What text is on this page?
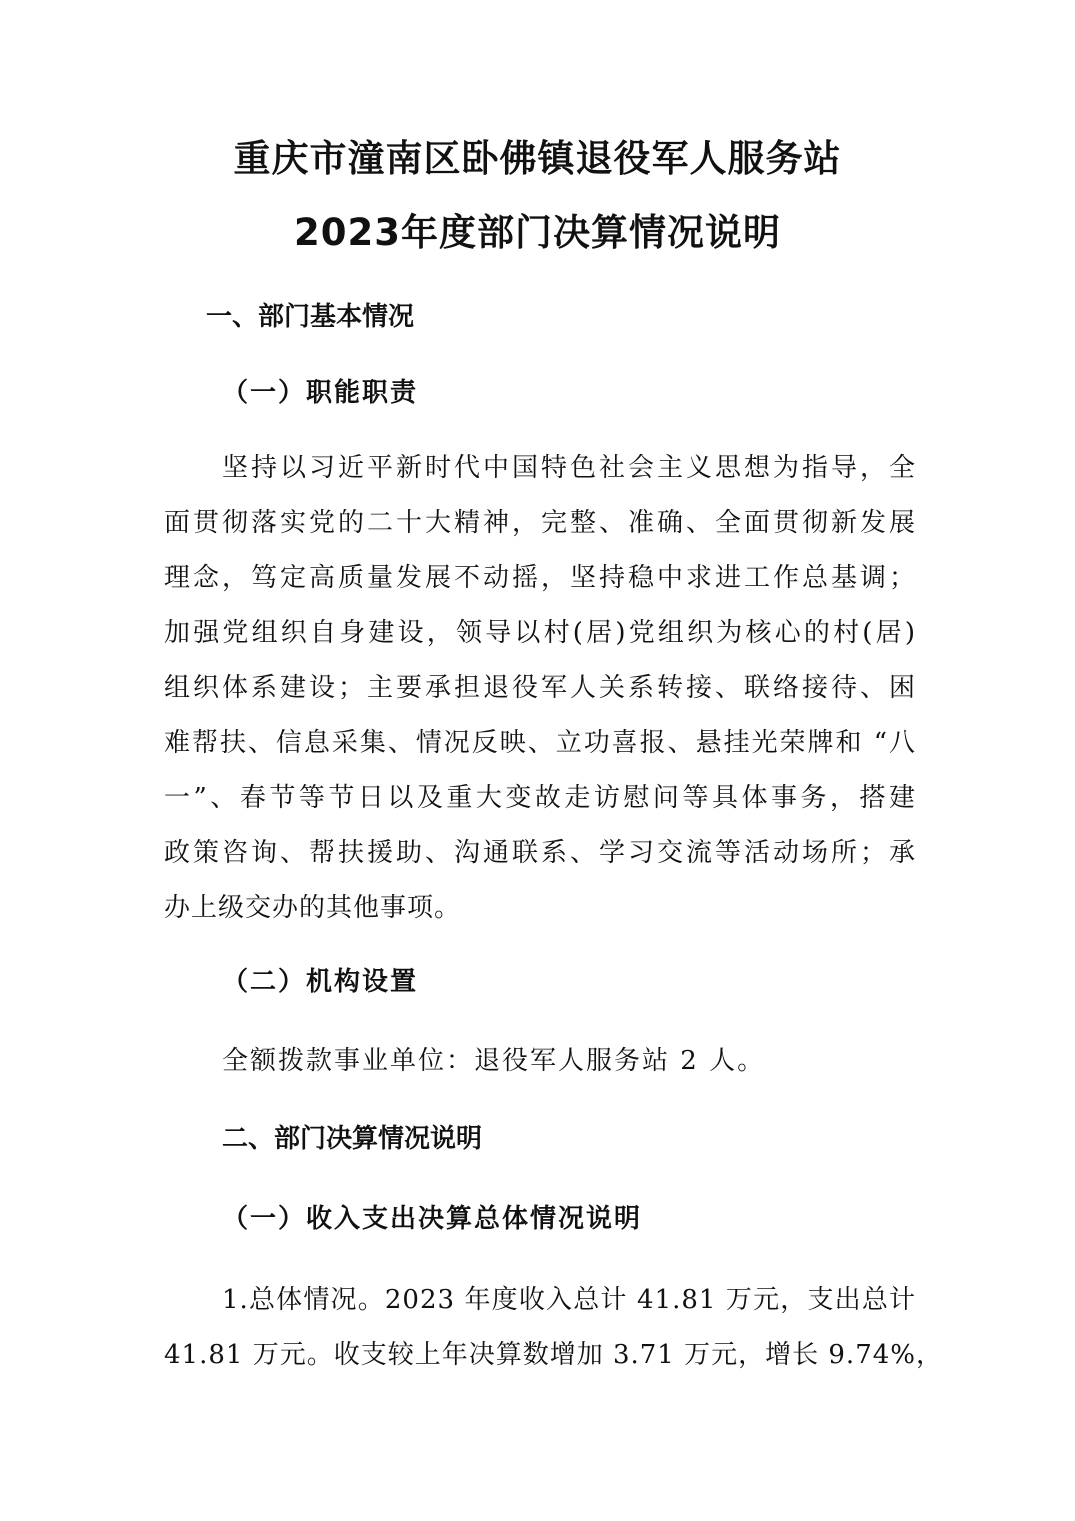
重庆市潼南区卧佛镇退役军人服务站
2023年度部门决算情况说明
一、部门基本情况
（一）职能职责
坚持以习近平新时代中国特色社会主义思想为指导，全
面贯彻落实党的二十大精神，完整、准确、全面贯彻新发展
理念，笃定高质量发展不动摇，坚持稳中求进工作总基调；
加强党组织自身建设，领导以村(居)党组织为核心的村(居)
组织体系建设；主要承担退役军人关系转接、联络接待、困
难帮扶、信息采集、情况反映、立功喜报、悬挂光荣牌和 “八
一”、春节等节日以及重大变故走访慰问等具体事务，搭建
政策咨询、帮扶援助、沟通联系、学习交流等活动场所；承
办上级交办的其他事项。
（二）机构设置

全额拨款事业单位：退役军人服务站 2 人。

二、部门决算情况说明
（一）收入支出决算总体情况说明
1.总体情况。2023 年度收入总计 41.81 万元，支出总计
41.81 万元。收支较上年决算数增加 3.71 万元，增长 9.74%，
